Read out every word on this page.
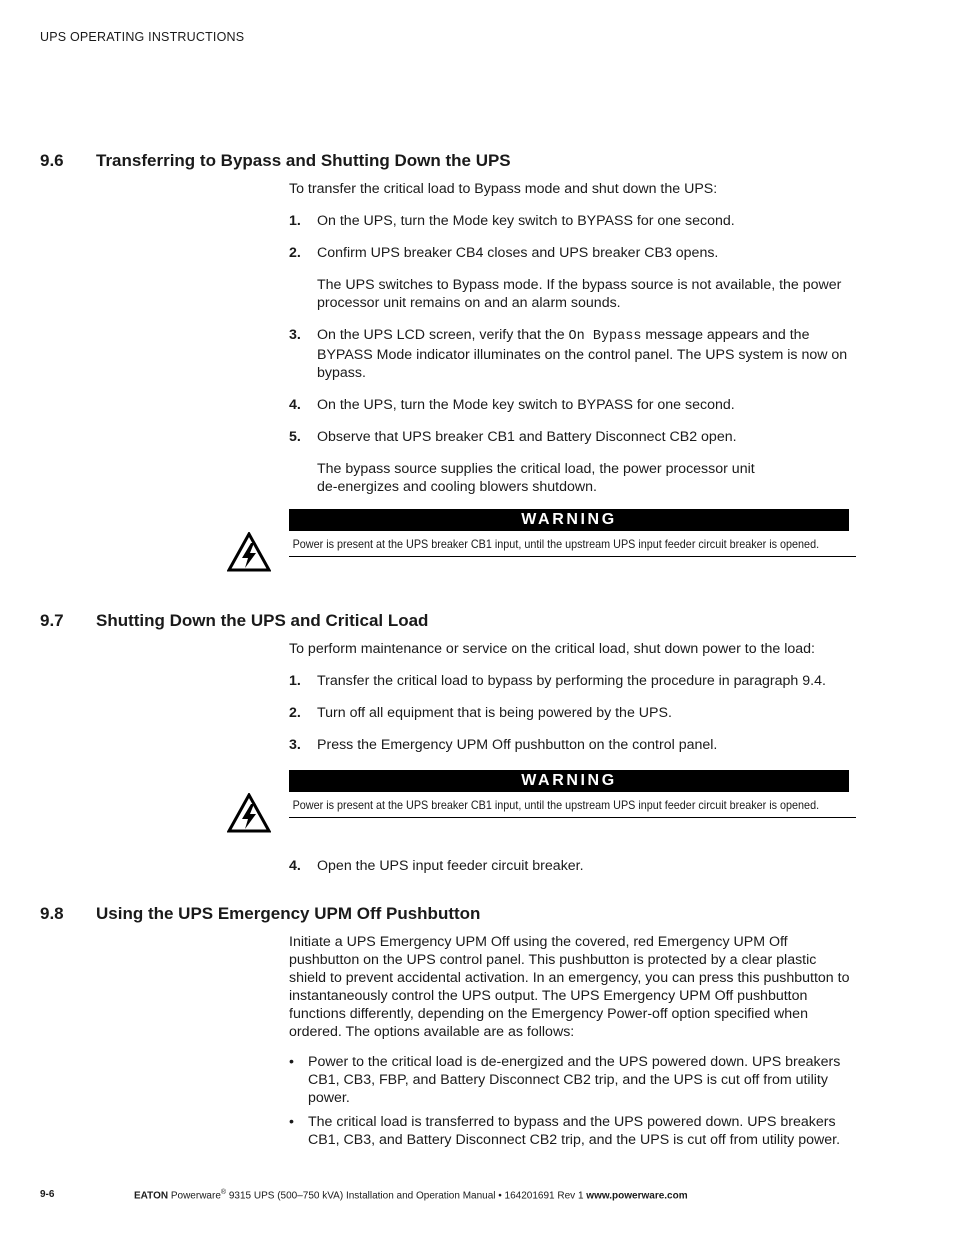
UPS OPERATING INSTRUCTIONS
9.6	Transferring to Bypass and Shutting Down the UPS

To transfer the critical load to Bypass mode and shut down the UPS:

1. On the UPS, turn the Mode key switch to BYPASS for one second.
2. Confirm UPS breaker CB4 closes and UPS breaker CB3 opens.
The UPS switches to Bypass mode. If the bypass source is not available, the power processor unit remains on and an alarm sounds.
3. On the UPS LCD screen, verify that the On Bypass message appears and the BYPASS Mode indicator illuminates on the control panel. The UPS system is now on bypass.
4. On the UPS, turn the Mode key switch to BYPASS for one second.
5. Observe that UPS breaker CB1 and Battery Disconnect CB2 open.
The bypass source supplies the critical load, the power processor unit
de-energizes and cooling blowers shutdown.
WARNING
Power is present at the UPS breaker CB1 input, until the upstream UPS input feeder circuit breaker is opened.
9.7	Shutting Down the UPS and Critical Load

To perform maintenance or service on the critical load, shut down power to the load:

1. Transfer the critical load to bypass by performing the procedure in paragraph 9.4.
2. Turn off all equipment that is being powered by the UPS.
3. Press the Emergency UPM Off pushbutton on the control panel.
WARNING
Power is present at the UPS breaker CB1 input, until the upstream UPS input feeder circuit breaker is opened.
4. Open the UPS input feeder circuit breaker.
9.8	Using the UPS Emergency UPM Off Pushbutton

Initiate a UPS Emergency UPM Off using the covered, red Emergency UPM Off pushbutton on the UPS control panel. This pushbutton is protected by a clear plastic shield to prevent accidental activation. In an emergency, you can press this pushbutton to instantaneously control the UPS output. The UPS Emergency UPM Off pushbutton functions differently, depending on the Emergency Power-off option specified when ordered. The options available are as follows:

• Power to the critical load is de-energized and the UPS powered down. UPS breakers CB1, CB3, FBP, and Battery Disconnect CB2 trip, and the UPS is cut off from utility power.
• The critical load is transferred to bypass and the UPS powered down. UPS breakers CB1, CB3, and Battery Disconnect CB2 trip, and the UPS is cut off from utility power.
9-6	EATON Powerware® 9315 UPS (500–750 kVA) Installation and Operation Manual • 164201691 Rev 1 www.powerware.com
